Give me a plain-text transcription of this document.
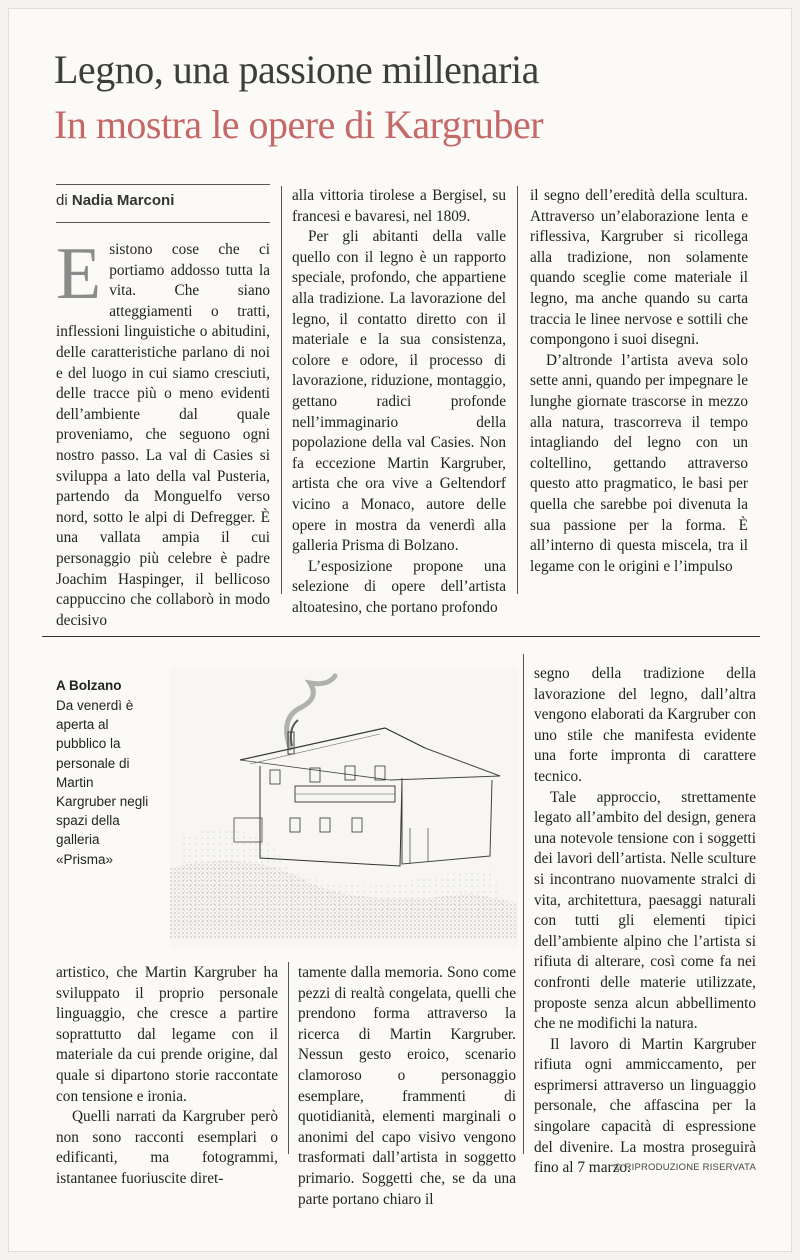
Legno, una passione millenaria
In mostra le opere di Kargruber
di Nadia Marconi

Esistono cose che ci portiamo addosso tutta la vita. Che siano atteggiamenti o tratti, inflessioni linguistiche o abitudini, delle caratteristiche parlano di noi e del luogo in cui siamo cresciuti, delle tracce più o meno evidenti dell’ambiente dal quale proveniamo, che seguono ogni nostro passo. La val di Casies si sviluppa a lato della val Pusteria, partendo da Monguelfo verso nord, sotto le alpi di Defregger. È una vallata ampia il cui personaggio più celebre è padre Joachim Haspinger, il bellicoso cappuccino che collaborò in modo decisivo

alla vittoria tirolese a Bergisel, su francesi e bavaresi, nel 1809.

Per gli abitanti della valle quello con il legno è un rapporto speciale, profondo, che appartiene alla tradizione. La lavorazione del legno, il contatto diretto con il materiale e la sua consistenza, colore e odore, il processo di lavorazione, riduzione, montaggio, gettano radici profonde nell’immaginario della popolazione della val Casies. Non fa eccezione Martin Kargruber, artista che ora vive a Geltendorf vicino a Monaco, autore delle opere in mostra da venerdì alla galleria Prisma di Bolzano.

L’esposizione propone una selezione di opere dell’artista altoatesino, che portano profondo

il segno dell’eredità della scultura. Attraverso un’elaborazione lenta e riflessiva, Kargruber si ricollega alla tradizione, non solamente quando sceglie come materiale il legno, ma anche quando su carta traccia le linee nervose e sottili che compongono i suoi disegni.

D’altronde l’artista aveva solo sette anni, quando per impegnare le lunghe giornate trascorse in mezzo alla natura, trascorreva il tempo intagliando del legno con un coltellino, gettando attraverso questo atto pragmatico, le basi per quella che sarebbe poi divenuta la sua passione per la forma. È all’interno di questa miscela, tra il legame con le origini e l’impulso

A Bolzano
Da venerdì è aperta al pubblico la personale di Martin Kargruber negli spazi della galleria «Prisma»

artistico, che Martin Kargruber ha sviluppato il proprio personale linguaggio, che cresce a partire soprattutto dal legame con il materiale da cui prende origine, dal quale si dipartono storie raccontate con tensione e ironia.

Quelli narrati da Kargruber però non sono racconti esemplari o edificanti, ma fotogrammi, istantanee fuoriuscite diret-

tamente dalla memoria. Sono come pezzi di realtà congelata, quelli che prendono forma attraverso la ricerca di Martin Kargruber. Nessun gesto eroico, scenario clamoroso o personaggio esemplare, frammenti di quotidianità, elementi marginali o anonimi del capo visivo vengono trasformati dall’artista in soggetto primario. Soggetti che, se da una parte portano chiaro il

segno della tradizione della lavorazione del legno, dall’altra vengono elaborati da Kargruber con uno stile che manifesta evidente una forte impronta di carattere tecnico.

Tale approccio, strettamente legato all’ambito del design, genera una notevole tensione con i soggetti dei lavori dell’artista. Nelle sculture si incontrano nuovamente stralci di vita, architettura, paesaggi naturali con tutti gli elementi tipici dell’ambiente alpino che l’artista si rifiuta di alterare, così come fa nei confronti delle materie utilizzate, proposte senza alcun abbellimento che ne modifichi la natura.

Il lavoro di Martin Kargruber rifiuta ogni ammiccamento, per esprimersi attraverso un linguaggio personale, che affascina per la singolare capacità di espressione del divenire. La mostra proseguirà fino al 7 marzo.

© RIPRODUZIONE RISERVATA
